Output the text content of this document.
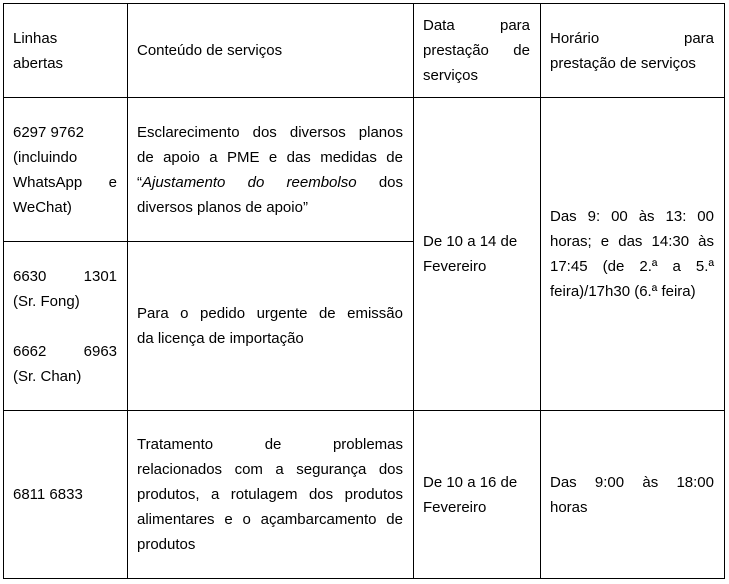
Linhas
abertas	Conteúdo de serviços	Data para
prestação de
serviços	Horário para
prestação de serviços

6297 9762
(incluindo
WhatsApp e
WeChat)	Esclarecimento dos diversos planos
de apoio a PME e das medidas de
“Ajustamento do reembolso dos
diversos planos de apoio”	De 10 a 14 de
Fevereiro	Das 9: 00 às 13: 00
horas; e das 14:30 às
17:45 (de 2.ª a 5.ª
feira)/17h30 (6.ª feira)

6630 1301
(Sr. Fong)
6662 6963
(Sr. Chan)	Para o pedido urgente de emissão
da licença de importação		

6811 6833	Tratamento de problemas
relacionados com a segurança dos
produtos, a rotulagem dos produtos
alimentares e o açambarcamento de
produtos	De 10 a 16 de
Fevereiro	Das 9:00 às 18:00
horas
